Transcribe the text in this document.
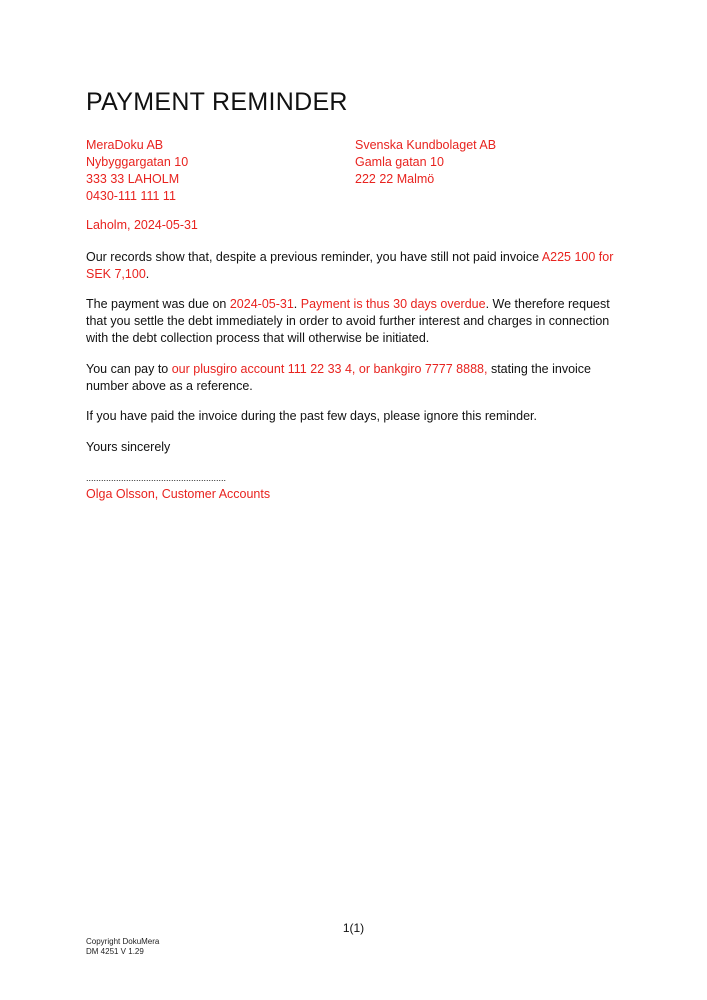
PAYMENT REMINDER
MeraDoku AB
Nybyggargatan 10
333 33 LAHOLM
0430-111 111 11
Svenska Kundbolaget AB
Gamla gatan 10
222 22 Malmö
Laholm, 2024-05-31
Our records show that, despite a previous reminder, you have still not paid invoice A225 100 for SEK 7,100.
The payment was due on 2024-05-31. Payment is thus 30 days overdue. We therefore request that you settle the debt immediately in order to avoid further interest and charges in connection with the debt collection process that will otherwise be initiated.
You can pay to our plusgiro account 111 22 33 4, or bankgiro 7777 8888, stating the invoice number above as a reference.
If you have paid the invoice during the past few days, please ignore this reminder.
Yours sincerely
........................................................
Olga Olsson, Customer Accounts
1(1)
Copyright DokuMera
DM 4251 V 1.29
